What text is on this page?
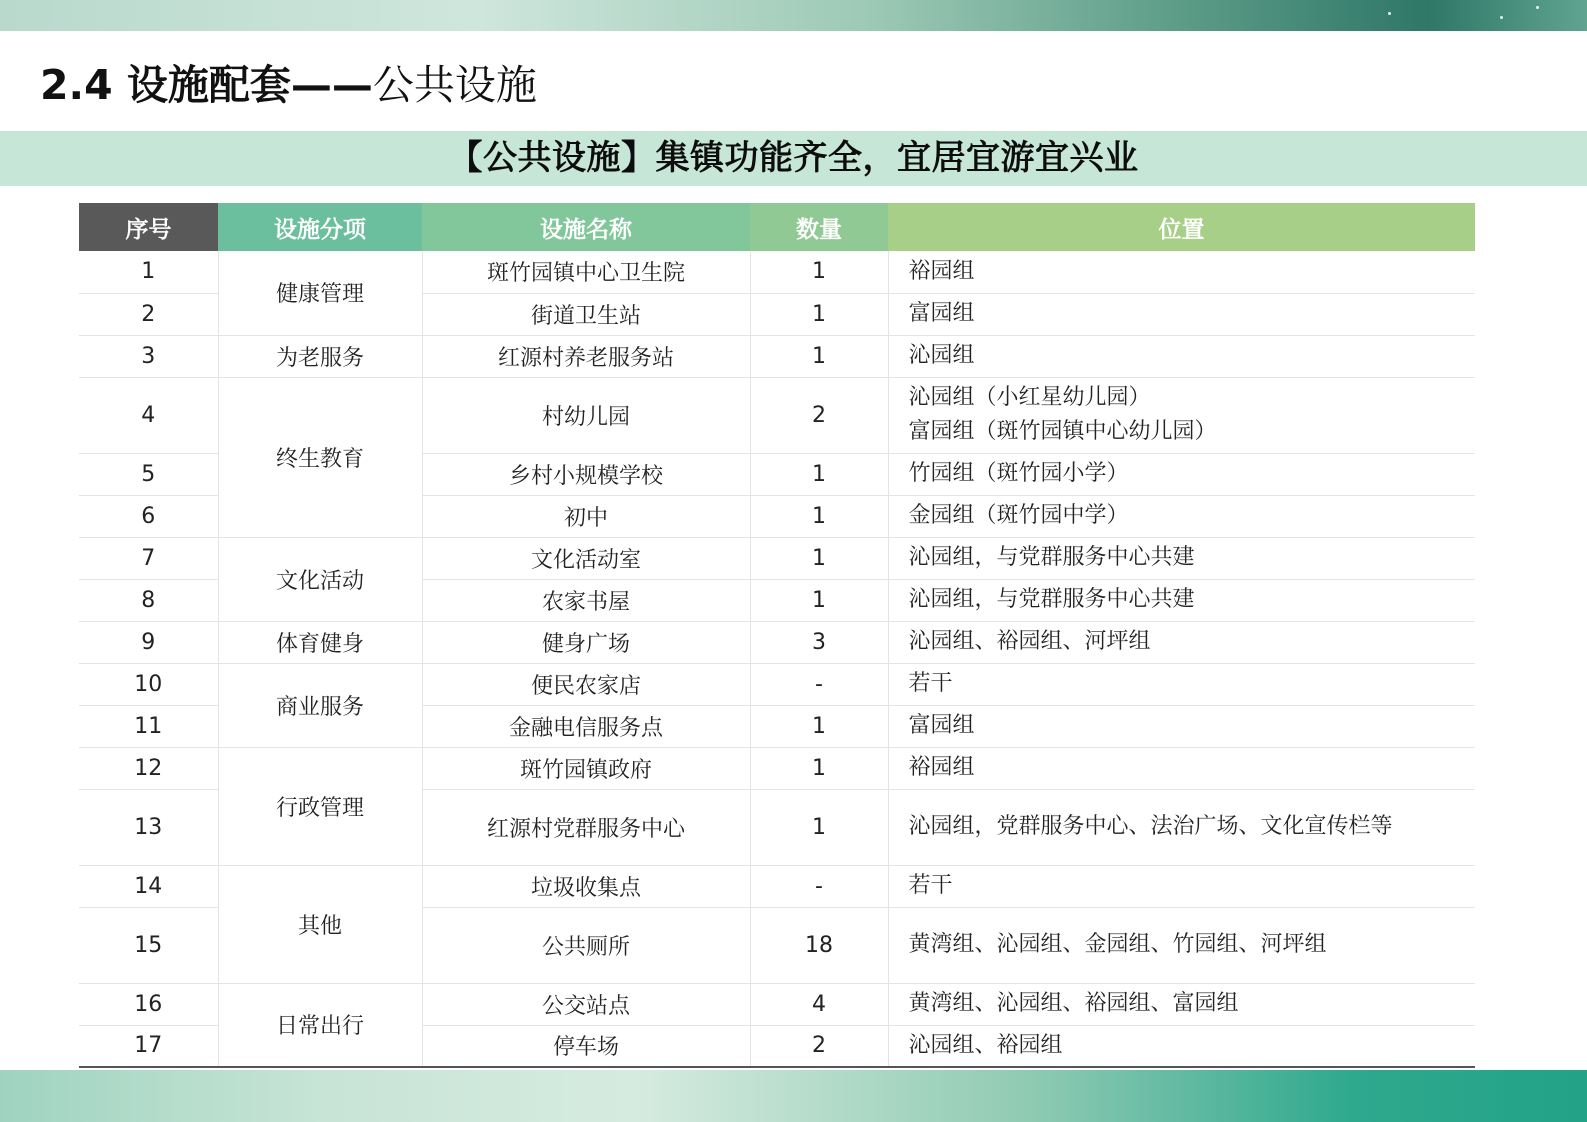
2.4 设施配套——公共设施
【公共设施】集镇功能齐全，宜居宜游宜兴业
序号	设施分项	设施名称	数量	位置
1	健康管理	斑竹园镇中心卫生院	1	裕园组
2		街道卫生站	1	富园组
3	为老服务	红源村养老服务站	1	沁园组
4	终生教育	村幼儿园	2	沁园组（小红星幼儿园）
富园组（斑竹园镇中心幼儿园）
5		乡村小规模学校	1	竹园组（斑竹园小学）
6		初中	1	金园组（斑竹园中学）
7	文化活动	文化活动室	1	沁园组，与党群服务中心共建
8		农家书屋	1	沁园组，与党群服务中心共建
9	体育健身	健身广场	3	沁园组、裕园组、河坪组
10	商业服务	便民农家店	-	若干
11		金融电信服务点	1	富园组
12	行政管理	斑竹园镇政府	1	裕园组
13		红源村党群服务中心	1	沁园组，党群服务中心、法治广场、文化宣传栏等
14	其他	垃圾收集点	-	若干
15		公共厕所	18	黄湾组、沁园组、金园组、竹园组、河坪组
16	日常出行	公交站点	4	黄湾组、沁园组、裕园组、富园组
17		停车场	2	沁园组、裕园组
